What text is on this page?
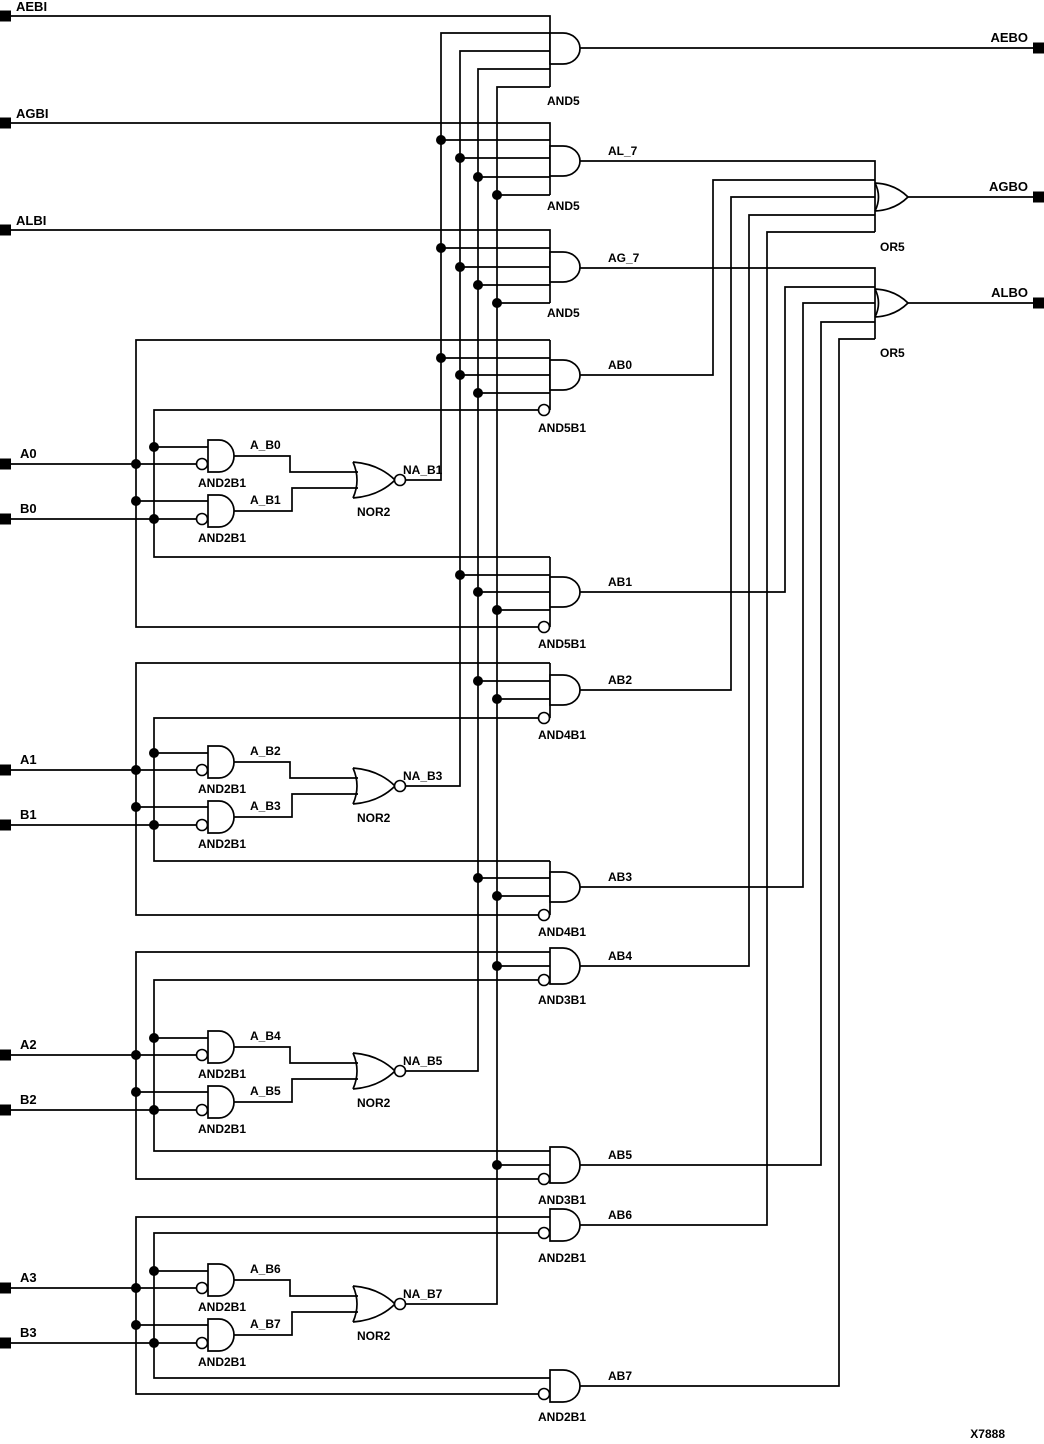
AEBI
AGBI
ALBI
A0
B0
A1
B1
A2
B2
A3
B3
AEBO
AGBO
ALBO
AND5
AND5
AND5
AND5B1
AND5B1
AND4B1
AND4B1
AND3B1
AND3B1
AND2B1
AND2B1
OR5
OR5
AND2B1
AND2B1
AND2B1
AND2B1
AND2B1
AND2B1
AND2B1
AND2B1
NOR2
NOR2
NOR2
NOR2
AL_7
AG_7
AB0
AB1
AB2
AB3
AB4
AB5
AB6
AB7
A_B0
A_B1
A_B2
A_B3
A_B4
A_B5
A_B6
A_B7
NA_B1
NA_B3
NA_B5
NA_B7
X7888
